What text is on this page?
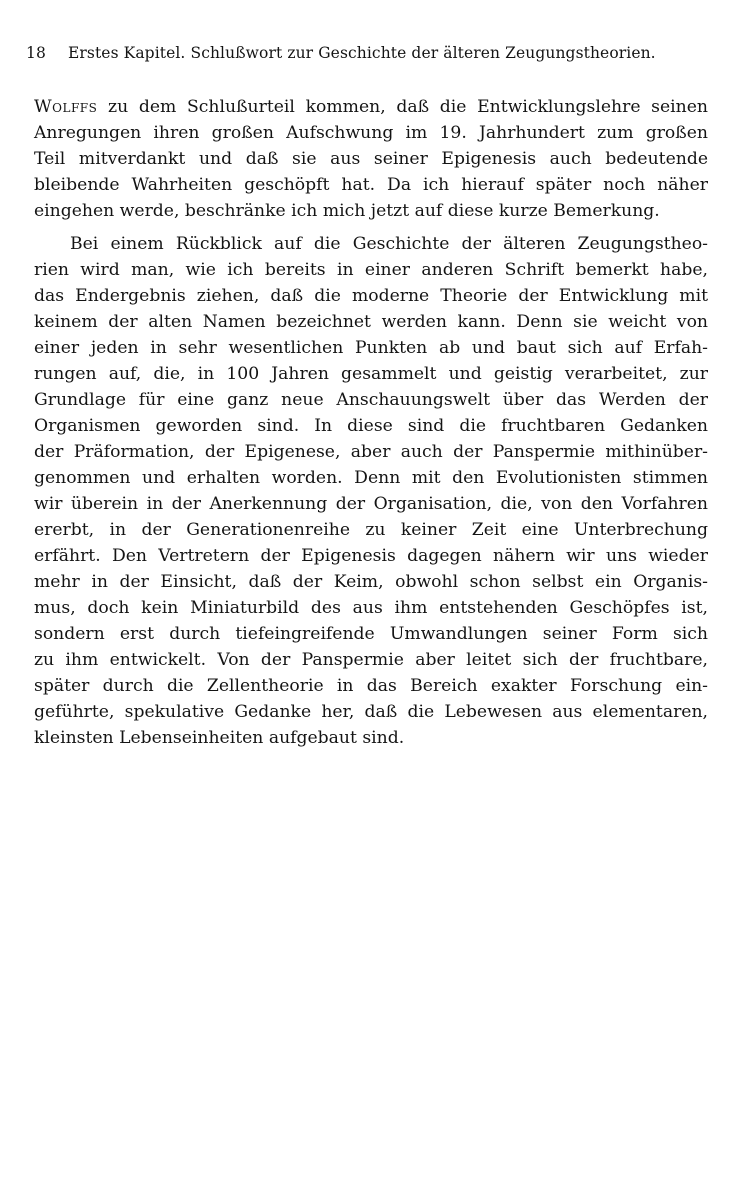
18 Erstes Kapitel. Schlußwort zur Geschichte der älteren Zeugungstheorien.
Wolffs zu dem Schlußurteil kommen, daß die Entwicklungslehre seinen
Anregungen ihren großen Aufschwung im 19. Jahrhundert zum großen
Teil mitverdankt und daß sie aus seiner Epigenesis auch bedeutende
bleibende Wahrheiten geschöpft hat. Da ich hierauf später noch näher
eingehen werde, beschränke ich mich jetzt auf diese kurze Bemerkung.
Bei einem Rückblick auf die Geschichte der älteren Zeugungstheo-
rien wird man, wie ich bereits in einer anderen Schrift bemerkt habe,
das Endergebnis ziehen, daß die moderne Theorie der Entwicklung mit
keinem der alten Namen bezeichnet werden kann. Denn sie weicht von
einer jeden in sehr wesentlichen Punkten ab und baut sich auf Erfah-
rungen auf, die, in 100 Jahren gesammelt und geistig verarbeitet, zur
Grundlage für eine ganz neue Anschauungswelt über das Werden der
Organismen geworden sind. In diese sind die fruchtbaren Gedanken
der Präformation, der Epigenese, aber auch der Panspermie mithinüber-
genommen und erhalten worden. Denn mit den Evolutionisten stimmen
wir überein in der Anerkennung der Organisation, die, von den Vorfahren
ererbt, in der Generationenreihe zu keiner Zeit eine Unterbrechung
erfährt. Den Vertretern der Epigenesis dagegen nähern wir uns wieder
mehr in der Einsicht, daß der Keim, obwohl schon selbst ein Organis-
mus, doch kein Miniaturbild des aus ihm entstehenden Geschöpfes ist,
sondern erst durch tiefeingreifende Umwandlungen seiner Form sich
zu ihm entwickelt. Von der Panspermie aber leitet sich der fruchtbare,
später durch die Zellentheorie in das Bereich exakter Forschung ein-
geführte, spekulative Gedanke her, daß die Lebewesen aus elementaren,
kleinsten Lebenseinheiten aufgebaut sind.
